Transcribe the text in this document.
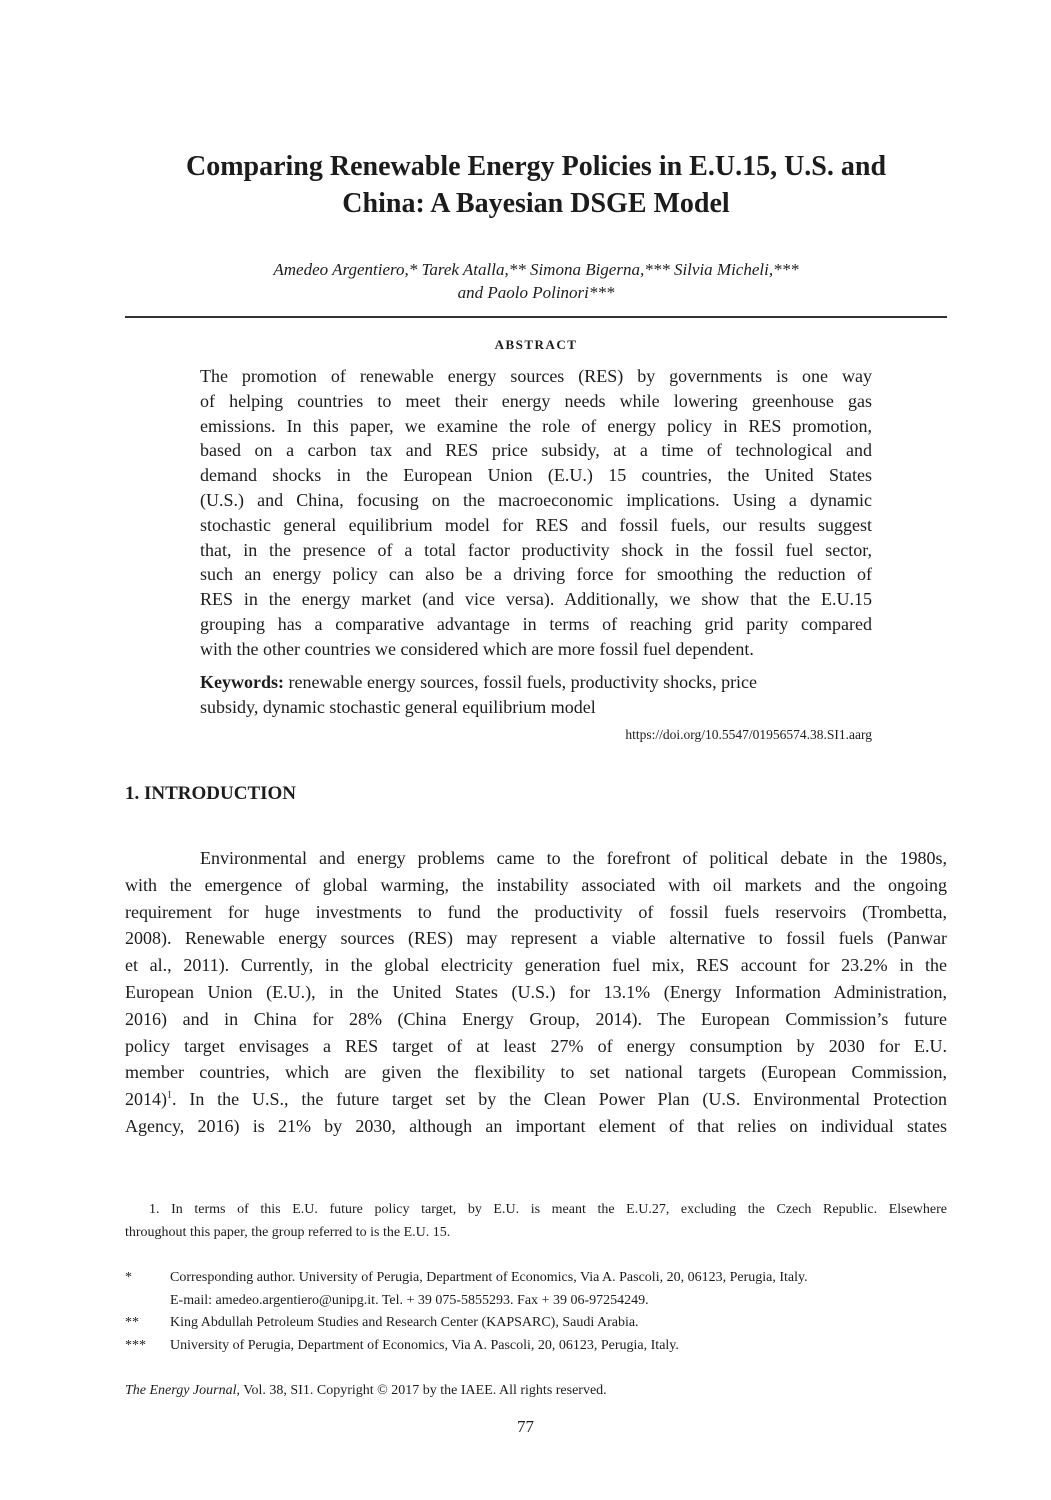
Comparing Renewable Energy Policies in E.U.15, U.S. and
China: A Bayesian DSGE Model
Amedeo Argentiero,* Tarek Atalla,** Simona Bigerna,*** Silvia Micheli,***
and Paolo Polinori***
ABSTRACT
The promotion of renewable energy sources (RES) by governments is one way
of helping countries to meet their energy needs while lowering greenhouse gas
emissions. In this paper, we examine the role of energy policy in RES promotion,
based on a carbon tax and RES price subsidy, at a time of technological and
demand shocks in the European Union (E.U.) 15 countries, the United States
(U.S.) and China, focusing on the macroeconomic implications. Using a dynamic
stochastic general equilibrium model for RES and fossil fuels, our results suggest
that, in the presence of a total factor productivity shock in the fossil fuel sector,
such an energy policy can also be a driving force for smoothing the reduction of
RES in the energy market (and vice versa). Additionally, we show that the E.U.15
grouping has a comparative advantage in terms of reaching grid parity compared
with the other countries we considered which are more fossil fuel dependent.
Keywords: renewable energy sources, fossil fuels, productivity shocks, price
subsidy, dynamic stochastic general equilibrium model
https://doi.org/10.5547/01956574.38.SI1.aarg
1. INTRODUCTION
Environmental and energy problems came to the forefront of political debate in the 1980s,
with the emergence of global warming, the instability associated with oil markets and the ongoing
requirement for huge investments to fund the productivity of fossil fuels reservoirs (Trombetta,
2008). Renewable energy sources (RES) may represent a viable alternative to fossil fuels (Panwar
et al., 2011). Currently, in the global electricity generation fuel mix, RES account for 23.2% in the
European Union (E.U.), in the United States (U.S.) for 13.1% (Energy Information Administration,
2016) and in China for 28% (China Energy Group, 2014). The European Commission’s future
policy target envisages a RES target of at least 27% of energy consumption by 2030 for E.U.
member countries, which are given the flexibility to set national targets (European Commission,
2014)$^1$. In the U.S., the future target set by the Clean Power Plan (U.S. Environmental Protection
Agency, 2016) is 21% by 2030, although an important element of that relies on individual states
1. In terms of this E.U. future policy target, by E.U. is meant the E.U.27, excluding the Czech Republic. Elsewhere
throughout this paper, the group referred to is the E.U. 15.
*	Corresponding author. University of Perugia, Department of Economics, Via A. Pascoli, 20, 06123, Perugia, Italy.
E-mail: amedeo.argentiero@unipg.it. Tel. + 39 075-5855293. Fax + 39 06-97254249.
** King Abdullah Petroleum Studies and Research Center (KAPSARC), Saudi Arabia.
*** University of Perugia, Department of Economics, Via A. Pascoli, 20, 06123, Perugia, Italy.
The Energy Journal, Vol. 38, SI1. Copyright © 2017 by the IAEE. All rights reserved.
77
